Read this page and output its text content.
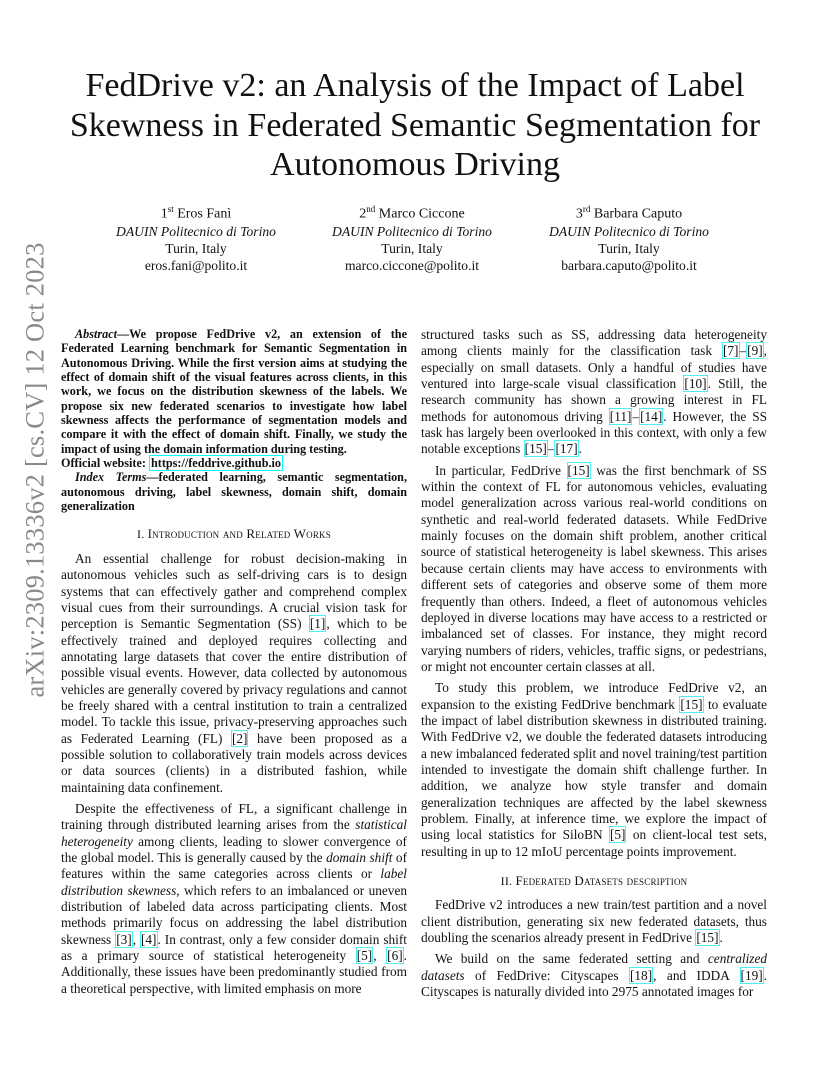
arXiv:2309.13336v2 [cs.CV] 12 Oct 2023
FedDrive v2: an Analysis of the Impact of Label Skewness in Federated Semantic Segmentation for Autonomous Driving
1st Eros Fanì
DAUIN Politecnico di Torino
Turin, Italy
eros.fani@polito.it
2nd Marco Ciccone
DAUIN Politecnico di Torino
Turin, Italy
marco.ciccone@polito.it
3rd Barbara Caputo
DAUIN Politecnico di Torino
Turin, Italy
barbara.caputo@polito.it

Abstract—We propose FedDrive v2, an extension of the Federated Learning benchmark for Semantic Segmentation in Autonomous Driving. While the first version aims at studying the effect of domain shift of the visual features across clients, in this work, we focus on the distribution skewness of the labels. We propose six new federated scenarios to investigate how label skewness affects the performance of segmentation models and compare it with the effect of domain shift. Finally, we study the impact of using the domain information during testing.

Official website: https://feddrive.github.io

Index Terms—federated learning, semantic segmentation, autonomous driving, label skewness, domain shift, domain generalization

I. Introduction and Related Works

An essential challenge for robust decision-making in autonomous vehicles such as self-driving cars is to design systems that can effectively gather and comprehend complex visual cues from their surroundings. A crucial vision task for perception is Semantic Segmentation (SS) [1], which to be effectively trained and deployed requires collecting and annotating large datasets that cover the entire distribution of possible visual events. However, data collected by autonomous vehicles are generally covered by privacy regulations and cannot be freely shared with a central institution to train a centralized model. To tackle this issue, privacy-preserving approaches such as Federated Learning (FL) [2] have been proposed as a possible solution to collaboratively train models across devices or data sources (clients) in a distributed fashion, while maintaining data confinement.

Despite the effectiveness of FL, a significant challenge in training through distributed learning arises from the statistical heterogeneity among clients, leading to slower convergence of the global model. This is generally caused by the domain shift of features within the same categories across clients or label distribution skewness, which refers to an imbalanced or uneven distribution of labeled data across participating clients. Most methods primarily focus on addressing the label distribution skewness [3], [4]. In contrast, only a few consider domain shift as a primary source of statistical heterogeneity [5], [6]. Additionally, these issues have been predominantly studied from a theoretical perspective, with limited emphasis on more

structured tasks such as SS, addressing data heterogeneity among clients mainly for the classification task [7]–[9], especially on small datasets. Only a handful of studies have ventured into large-scale visual classification [10]. Still, the research community has shown a growing interest in FL methods for autonomous driving [11]–[14]. However, the SS task has largely been overlooked in this context, with only a few notable exceptions [15]–[17].

In particular, FedDrive [15] was the first benchmark of SS within the context of FL for autonomous vehicles, evaluating model generalization across various real-world conditions on synthetic and real-world federated datasets. While FedDrive mainly focuses on the domain shift problem, another critical source of statistical heterogeneity is label skewness. This arises because certain clients may have access to environments with different sets of categories and observe some of them more frequently than others. Indeed, a fleet of autonomous vehicles deployed in diverse locations may have access to a restricted or imbalanced set of classes. For instance, they might record varying numbers of riders, vehicles, traffic signs, or pedestrians, or might not encounter certain classes at all.

To study this problem, we introduce FedDrive v2, an expansion to the existing FedDrive benchmark [15] to evaluate the impact of label distribution skewness in distributed training. With FedDrive v2, we double the federated datasets introducing a new imbalanced federated split and novel training/test partition intended to investigate the domain shift challenge further. In addition, we analyze how style transfer and domain generalization techniques are affected by the label skewness problem. Finally, at inference time, we explore the impact of using local statistics for SiloBN [5] on client-local test sets, resulting in up to 12 mIoU percentage points improvement.

II. Federated Datasets description

FedDrive v2 introduces a new train/test partition and a novel client distribution, generating six new federated datasets, thus doubling the scenarios already present in FedDrive [15].

We build on the same federated setting and centralized datasets of FedDrive: Cityscapes [18], and IDDA [19]. Cityscapes is naturally divided into 2975 annotated images for
